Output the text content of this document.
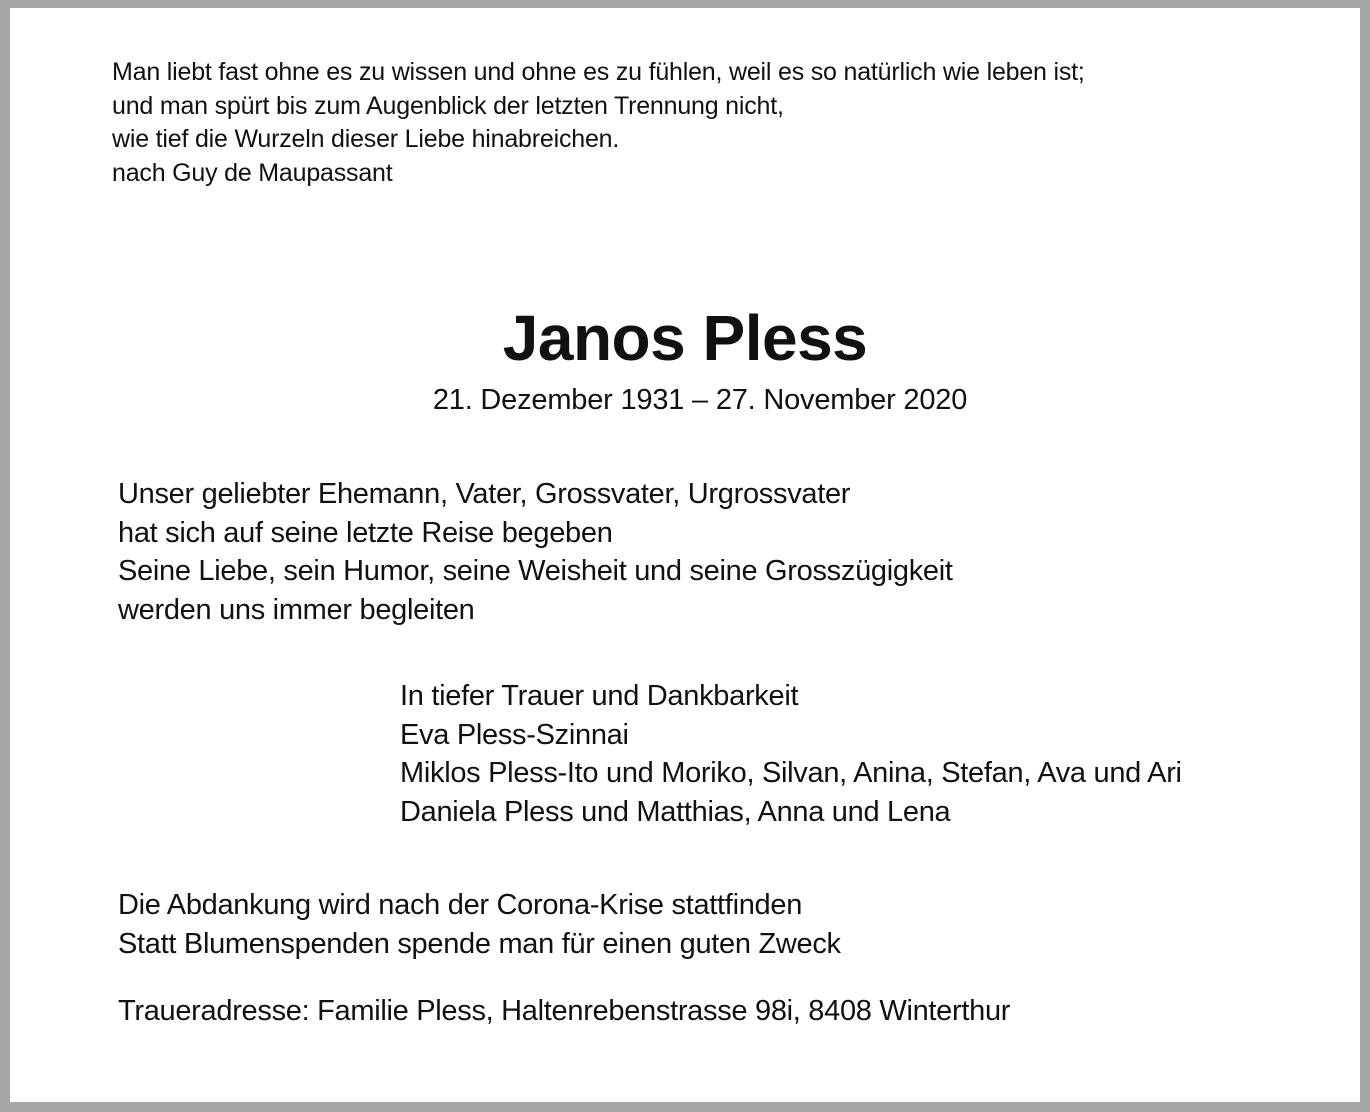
Man liebt fast ohne es zu wissen und ohne es zu fühlen, weil es so natürlich wie leben ist;
und man spürt bis zum Augenblick der letzten Trennung nicht,
wie tief die Wurzeln dieser Liebe hinabreichen.
nach Guy de Maupassant
Janos Pless
21. Dezember 1931 – 27. November 2020
Unser geliebter Ehemann, Vater, Grossvater, Urgrossvater
hat sich auf seine letzte Reise begeben
Seine Liebe, sein Humor, seine Weisheit und seine Grosszügigkeit
werden uns immer begleiten
In tiefer Trauer und Dankbarkeit
Eva Pless-Szinnai
Miklos Pless-Ito und Moriko, Silvan, Anina, Stefan, Ava und Ari
Daniela Pless und Matthias, Anna und Lena
Die Abdankung wird nach der Corona-Krise stattfinden
Statt Blumenspenden spende man für einen guten Zweck
Traueradresse: Familie Pless, Haltenrebenstrasse 98i, 8408 Winterthur
